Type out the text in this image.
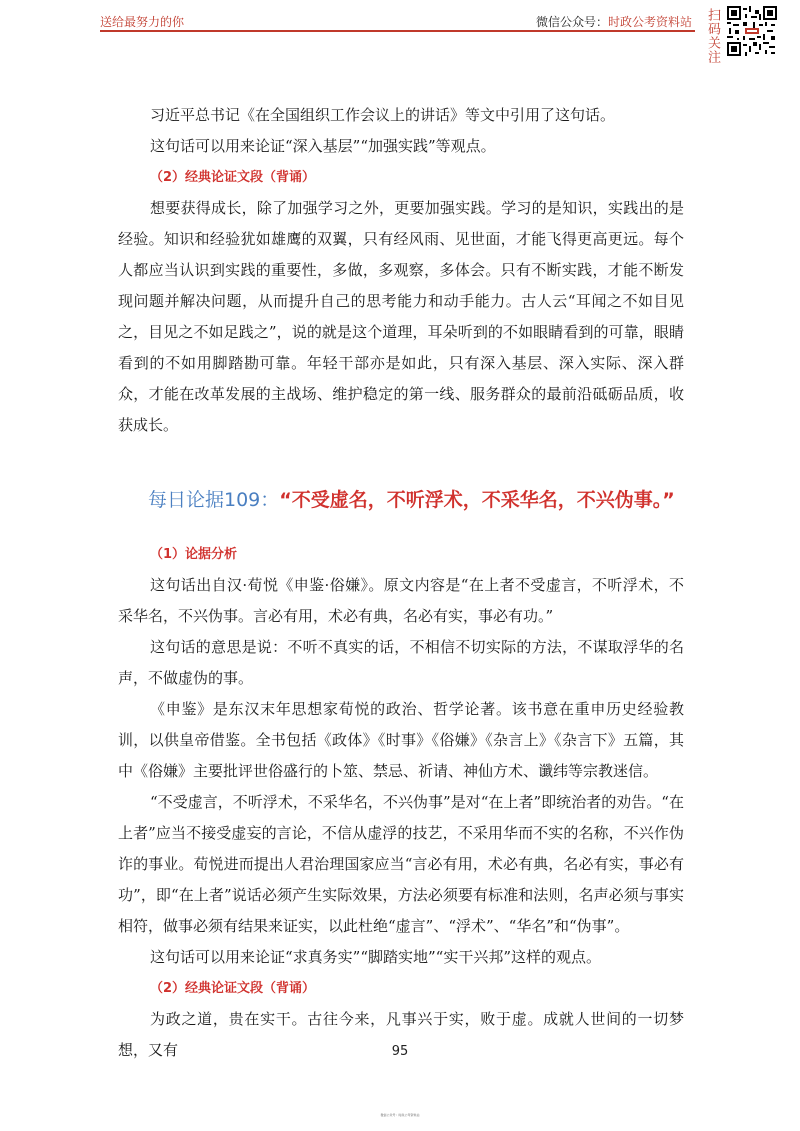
送给最努力的你	微信公众号：时政公考资料站 扫码关注

习近平总书记《在全国组织工作会议上的讲话》等文中引用了这句话。

这句话可以用来论证“深入基层”“加强实践”等观点。

（2）经典论证文段（背诵）

想要获得成长，除了加强学习之外，更要加强实践。学习的是知识，实践出的是经验。知识和经验犹如雄鹰的双翼，只有经风雨、见世面，才能飞得更高更远。每个人都应当认识到实践的重要性，多做，多观察，多体会。只有不断实践，才能不断发现问题并解决问题，从而提升自己的思考能力和动手能力。古人云“耳闻之不如目见之，目见之不如足践之”，说的就是这个道理，耳朵听到的不如眼睛看到的可靠，眼睛看到的不如用脚踏勘可靠。年轻干部亦是如此，只有深入基层、深入实际、深入群众，才能在改革发展的主战场、维护稳定的第一线、服务群众的最前沿砥砺品质，收获成长。

每日论据109：“不受虚名，不听浮术，不采华名，不兴伪事。”

（1）论据分析

这句话出自汉·荀悦《申鉴·俗嫌》。原文内容是“在上者不受虚言，不听浮术，不采华名，不兴伪事。言必有用，术必有典，名必有实，事必有功。”

这句话的意思是说：不听不真实的话，不相信不切实际的方法，不谋取浮华的名声，不做虚伪的事。

《申鉴》是东汉末年思想家荀悦的政治、哲学论著。该书意在重申历史经验教训，以供皇帝借鉴。全书包括《政体》《时事》《俗嫌》《杂言上》《杂言下》五篇，其中《俗嫌》主要批评世俗盛行的卜筮、禁忌、祈请、神仙方术、谶纬等宗教迷信。

“不受虚言，不听浮术，不采华名，不兴伪事”是对“在上者”即统治者的劝告。“在上者”应当不接受虚妄的言论，不信从虚浮的技艺，不采用华而不实的名称，不兴作伪诈的事业。荀悦进而提出人君治理国家应当“言必有用，术必有典，名必有实，事必有功”，即“在上者”说话必须产生实际效果，方法必须要有标准和法则，名声必须与事实相符，做事必须有结果来证实，以此杜绝“虚言”、“浮术”、“华名”和“伪事”。

这句话可以用来论证“求真务实”“脚踏实地”“实干兴邦”这样的观点。

（2）经典论证文段（背诵）

为政之道，贵在实干。古往今来，凡事兴于实，败于虚。成就人世间的一切梦想，又有	95
微信公众号：时政公考资料站
